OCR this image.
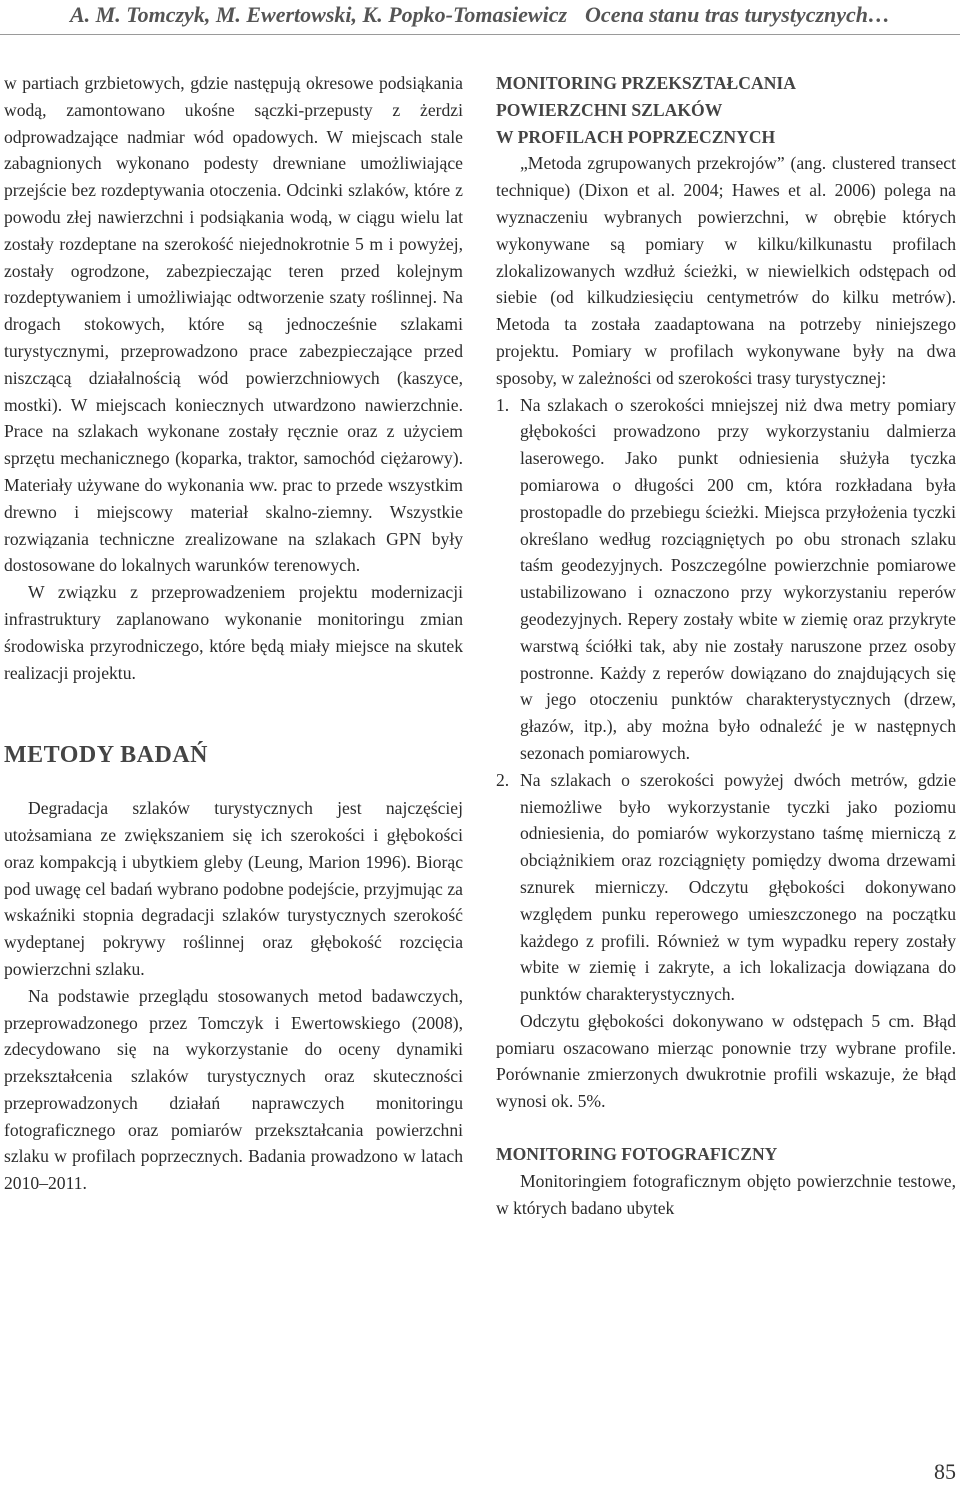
A. M. Tomczyk, M. Ewertowski, K. Popko-Tomasiewicz Ocena stanu tras turystycznych…

w partiach grzbietowych, gdzie następują okresowe podsiąkania wodą, zamontowano ukośne sączki-przepusty z żerdzi odprowadzające nadmiar wód opadowych. W miejscach stale zabagnionych wykonano podesty drewniane umożliwiające przejście bez rozdeptywania otoczenia. Odcinki szlaków, które z powodu złej nawierzchni i podsiąkania wodą, w ciągu wielu lat zostały rozdeptane na szerokość niejednokrotnie 5 m i powyżej, zostały ogrodzone, zabezpieczając teren przed kolejnym rozdeptywaniem i umożliwiając odtworzenie szaty roślinnej. Na drogach stokowych, które są jednocześnie szlakami turystycznymi, przeprowadzono prace zabezpieczające przed niszczącą działalnością wód powierzchniowych (kaszyce, mostki). W miejscach koniecznych utwardzono nawierzchnie. Prace na szlakach wykonane zostały ręcznie oraz z użyciem sprzętu mechanicznego (koparka, traktor, samochód ciężarowy). Materiały używane do wykonania ww. prac to przede wszystkim drewno i miejscowy materiał skalno-ziemny. Wszystkie rozwiązania techniczne zrealizowane na szlakach GPN były dostosowane do lokalnych warunków terenowych.

W związku z przeprowadzeniem projektu modernizacji infrastruktury zaplanowano wykonanie monitoringu zmian środowiska przyrodniczego, które będą miały miejsce na skutek realizacji projektu.

METODY BADAŃ

Degradacja szlaków turystycznych jest najczęściej utożsamiana ze zwiększaniem się ich szerokości i głębokości oraz kompakcją i ubytkiem gleby (Leung, Marion 1996). Biorąc pod uwagę cel badań wybrano podobne podejście, przyjmując za wskaźniki stopnia degradacji szlaków turystycznych szerokość wydeptanej pokrywy roślinnej oraz głębokość rozcięcia powierzchni szlaku.

Na podstawie przeglądu stosowanych metod badawczych, przeprowadzonego przez Tomczyk i Ewertowskiego (2008), zdecydowano się na wykorzystanie do oceny dynamiki przekształcenia szlaków turystycznych oraz skuteczności przeprowadzonych działań naprawczych monitoringu fotograficznego oraz pomiarów przekształcania powierzchni szlaku w profilach poprzecznych. Badania prowadzono w latach 2010–2011.

MONITORING PRZEKSZTAŁCANIA
POWIERZCHNI SZLAKÓW
W PROFILACH POPRZECZNYCH

„Metoda zgrupowanych przekrojów” (ang. clustered transect technique) (Dixon et al. 2004; Hawes et al. 2006) polega na wyznaczeniu wybranych powierzchni, w obrębie których wykonywane są pomiary w kilku/kilkunastu profilach zlokalizowanych wzdłuż ścieżki, w niewielkich odstępach od siebie (od kilkudziesięciu centymetrów do kilku metrów). Metoda ta została zaadaptowana na potrzeby niniejszego projektu. Pomiary w profilach wykonywane były na dwa sposoby, w zależności od szerokości trasy turystycznej:

1. Na szlakach o szerokości mniejszej niż dwa metry pomiary głębokości prowadzono przy wykorzystaniu dalmierza laserowego. Jako punkt odniesienia służyła tyczka pomiarowa o długości 200 cm, która rozkładana była prostopadle do przebiegu ścieżki. Miejsca przyłożenia tyczki określano według rozciągniętych po obu stronach szlaku taśm geodezyjnych. Poszczególne powierzchnie pomiarowe ustabilizowano i oznaczono przy wykorzystaniu reperów geodezyjnych. Repery zostały wbite w ziemię oraz przykryte warstwą ściółki tak, aby nie zostały naruszone przez osoby postronne. Każdy z reperów dowiązano do znajdujących się w jego otoczeniu punktów charakterystycznych (drzew, głazów, itp.), aby można było odnaleźć je w następnych sezonach pomiarowych.

2. Na szlakach o szerokości powyżej dwóch metrów, gdzie niemożliwe było wykorzystanie tyczki jako poziomu odniesienia, do pomiarów wykorzystano taśmę mierniczą z obciążnikiem oraz rozciągnięty pomiędzy dwoma drzewami sznurek mierniczy. Odczytu głębokości dokonywano względem punku reperowego umieszczonego na początku każdego z profili. Również w tym wypadku repery zostały wbite w ziemię i zakryte, a ich lokalizacja dowiązana do punktów charakterystycznych.

Odczytu głębokości dokonywano w odstępach 5 cm. Błąd pomiaru oszacowano mierząc ponownie trzy wybrane profile. Porównanie zmierzonych dwukrotnie profili wskazuje, że błąd wynosi ok. 5%.

MONITORING FOTOGRAFICZNY

Monitoringiem fotograficznym objęto powierzchnie testowe, w których badano ubytek

85
